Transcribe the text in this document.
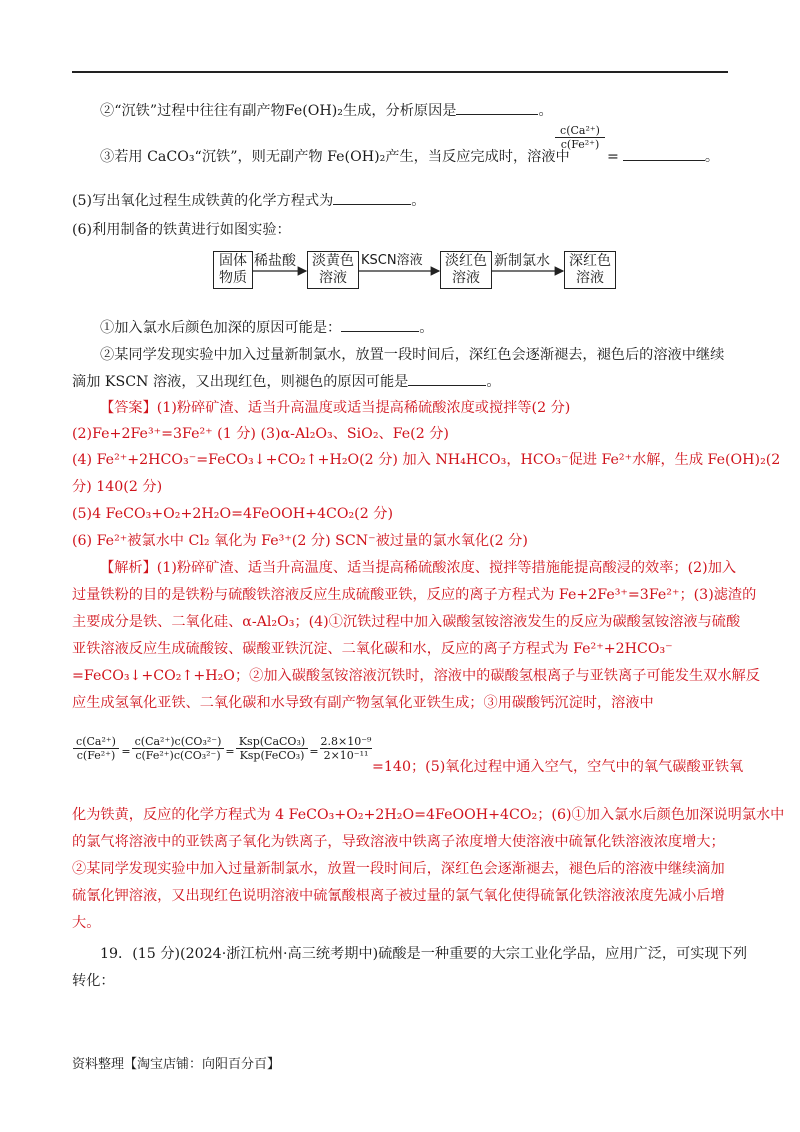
②“沉铁”过程中往往有副产物Fe(OH)₂生成，分析原因是	。
③若用 CaCO₃“沉铁”，则无副产物 Fe(OH)₂产生，当反应完成时，溶液中
$\frac{\text{c(Ca²⁺)}}{\text{c(Fe²⁺)}}$
=	。
(5)写出氧化过程生成铁黄的化学方程式为	。
(6)利用制备的铁黄进行如图实验：
固体
物质
稀盐酸 淡黄色
溶液
KSCN溶液 淡红色
溶液
新制氯水 深红色
溶液
①加入氯水后颜色加深的原因可能是：	。
②某同学发现实验中加入过量新制氯水，放置一段时间后，深红色会逐渐褪去，褪色后的溶液中继续
滴加 KSCN 溶液，又出现红色，则褪色的原因可能是	。
【答案】(1)粉碎矿渣、适当升高温度或适当提高稀硫酸浓度或搅拌等(2 分)
(2)Fe+2Fe³⁺=3Fe²⁺ (1 分) (3)α-Al₂O₃、SiO₂、Fe(2 分)
(4) Fe²⁺+2HCO₃⁻=FeCO₃↓+CO₂↑+H₂O(2 分) 加入 NH₄HCO₃，HCO₃⁻促进 Fe²⁺水解，生成 Fe(OH)₂(2
分) 140(2 分)
(5)4 FeCO₃+O₂+2H₂O=4FeOOH+4CO₂(2 分)
(6) Fe²⁺被氯水中 Cl₂ 氧化为 Fe³⁺(2 分) SCN⁻被过量的氯水氧化(2 分)
【解析】(1)粉碎矿渣、适当升高温度、适当提高稀硫酸浓度、搅拌等措施能提高酸浸的效率；(2)加入
过量铁粉的目的是铁粉与硫酸铁溶液反应生成硫酸亚铁，反应的离子方程式为 Fe+2Fe³⁺=3Fe²⁺；(3)滤渣的
主要成分是铁、二氧化硅、α-Al₂O₃；(4)①沉铁过程中加入碳酸氢铵溶液发生的反应为碳酸氢铵溶液与硫酸
亚铁溶液反应生成硫酸铵、碳酸亚铁沉淀、二氧化碳和水，反应的离子方程式为 Fe²⁺+2HCO₃⁻
=FeCO₃↓+CO₂↑+H₂O；②加入碳酸氢铵溶液沉铁时，溶液中的碳酸氢根离子与亚铁离子可能发生双水解反
应生成氢氧化亚铁、二氧化碳和水导致有副产物氢氧化亚铁生成；③用碳酸钙沉淀时，溶液中
$\frac{\text{c(Ca²⁺)}}{\text{c(Fe²⁺)}} = \frac{\text{c(Ca²⁺)c(CO₃²⁻)}}{\text{c(Fe²⁺)c(CO₃²⁻)}}$ =
Ksp(CaCO₃)
Ksp(FeCO₃) = $\frac{\text{2.8×10⁻⁹}}{\text{2×10⁻¹¹}}$
=140；(5)氧化过程中通入空气，空气中的氧气碳酸亚铁氧
化为铁黄，反应的化学方程式为 4 FeCO₃+O₂+2H₂O=4FeOOH+4CO₂；(6)①加入氯水后颜色加深说明氯水中
的氯气将溶液中的亚铁离子氧化为铁离子，导致溶液中铁离子浓度增大使溶液中硫氰化铁溶液浓度增大；
②某同学发现实验中加入过量新制氯水，放置一段时间后，深红色会逐渐褪去，褪色后的溶液中继续滴加
硫氰化钾溶液，又出现红色说明溶液中硫氰酸根离子被过量的氯气氧化使得硫氰化铁溶液浓度先减小后增
大。
19．(15 分)(2024·浙江杭州·高三统考期中)硫酸是一种重要的大宗工业化学品，应用广泛，可实现下列
转化：
资料整理【淘宝店铺：向阳百分百】
